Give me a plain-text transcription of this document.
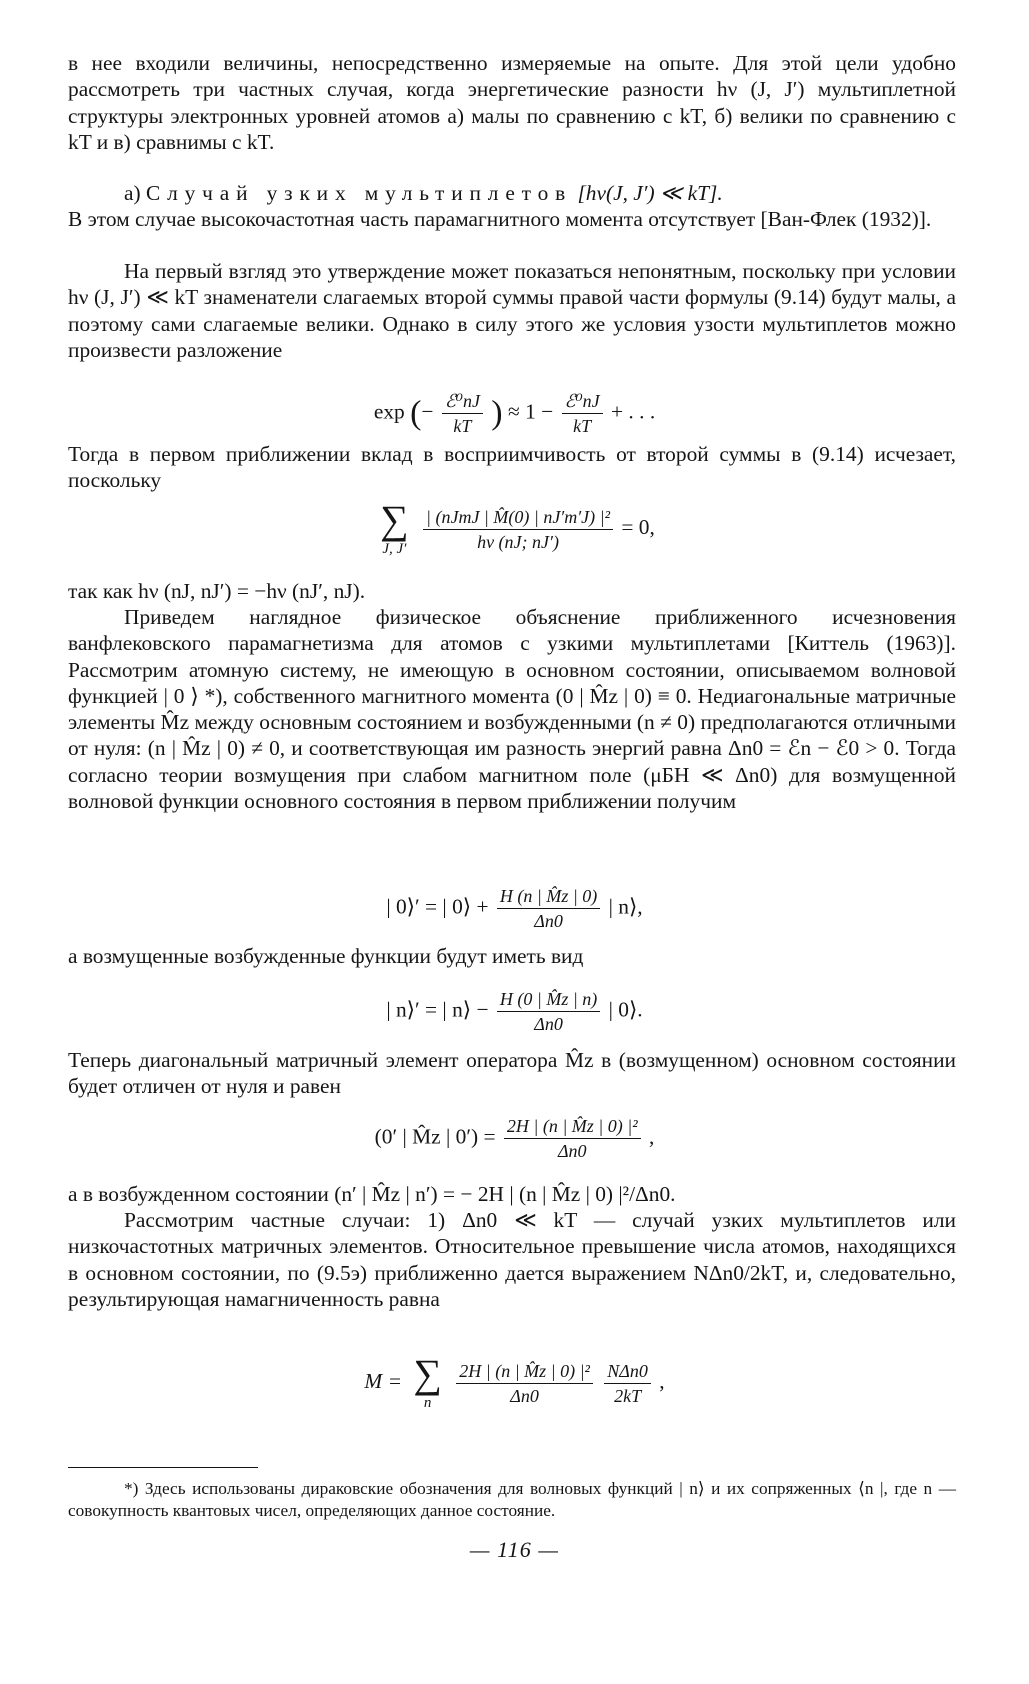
в нее входили величины, непосредственно измеряемые на опыте. Для этой цели удобно рассмотреть три частных случая, когда энергетические разности hν (J, J′) мультиплетной структуры электронных уровней атомов а) малы по сравнению с kT, б) велики по сравнению с kT и в) сравнимы с kT.

а) Случай узких мультиплетов [hν(J, J′) ≪ kT].

В этом случае высокочастотная часть парамагнитного момента отсутствует [Ван-Флек (1932)].

На первый взгляд это утверждение может показаться непонятным, поскольку при условии hν (J, J′) ≪ kT знаменатели слагаемых второй суммы правой части формулы (9.14) будут малы, а поэтому сами слагаемые велики. Однако в силу этого же условия узости мультиплетов можно произвести разложение

exp (− $\frac{\text{ℰ⁰nJ}}{kT}$ ) ≈ $1 - \frac{\text{ℰ⁰nJ}}{kT}$ + . . .

Тогда в первом приближении вклад в восприимчивость от второй суммы в (9.14) исчезает, поскольку

∑
J, J′
$\frac{\text{| (nJmJ | M̂(0) | nJ′m′J) |²}}{h\nu (nJ; nJ')} = 0$,

так как hν (nJ, nJ′) = −hν (nJ′, nJ).

Приведем наглядное физическое объяснение приближенного исчезновения ванфлековского парамагнетизма для атомов с узкими мультиплетами [Киттель (1963)]. Рассмотрим атомную систему, не имеющую в основном состоянии, описываемом волновой функцией | 0 ⟩ *), собственного магнитного момента (0 | M̂z | 0) ≡ 0. Недиагональные матричные элементы M̂z между основным состоянием и возбужденными (n ≠ 0) предполагаются отличными от нуля: (n | M̂z | 0) ≠ 0, и соответствующая им разность энергий равна Δn0 = ℰn − ℰ0 > 0. Тогда согласно теории возмущения при слабом магнитном поле (μБH ≪ Δn0) для возмущенной волновой функции основного состояния в первом приближении получим

| 0⟩′ = | 0⟩ + $\frac{H (n | M̂z | 0)}{\Delta n0}$ | n⟩,

а возмущенные возбужденные функции будут иметь вид

| n⟩′ = | n⟩ − $\frac{H (0 | M̂z | n)}{\Delta n0}$ | 0⟩.

Теперь диагональный матричный элемент оператора M̂z в (возмущенном) основном состоянии будет отличен от нуля и равен

(0′ | M̂z | $0') = \frac{\text{2H | (n | M̂z | 0) |²}}{\Delta n0}$ ,

а в возбужденном состоянии (n′ | M̂z | n′) = − 2H | (n | M̂z | 0) |²/Δn0.

Рассмотрим частные случаи: 1) Δn0 ≪ kT — случай узких мультиплетов или низкочастотных матричных элементов. Относительное превышение числа атомов, находящихся в основном состоянии, по (9.5э) приближенно дается выражением NΔn0/2kT, и, следовательно, результирующая намагниченность равна

M = ∑
n
	$\frac{\text{2H | (n | M̂z | 0) |²}}{\Delta n0}$
$\frac{\text{NΔn0}}{2kT}$ ,

*) Здесь использованы дираковские обозначения для волновых функций | n⟩ и их сопряженных ⟨n |, где n — совокупность квантовых чисел, определяющих данное состояние.

— 116 —
